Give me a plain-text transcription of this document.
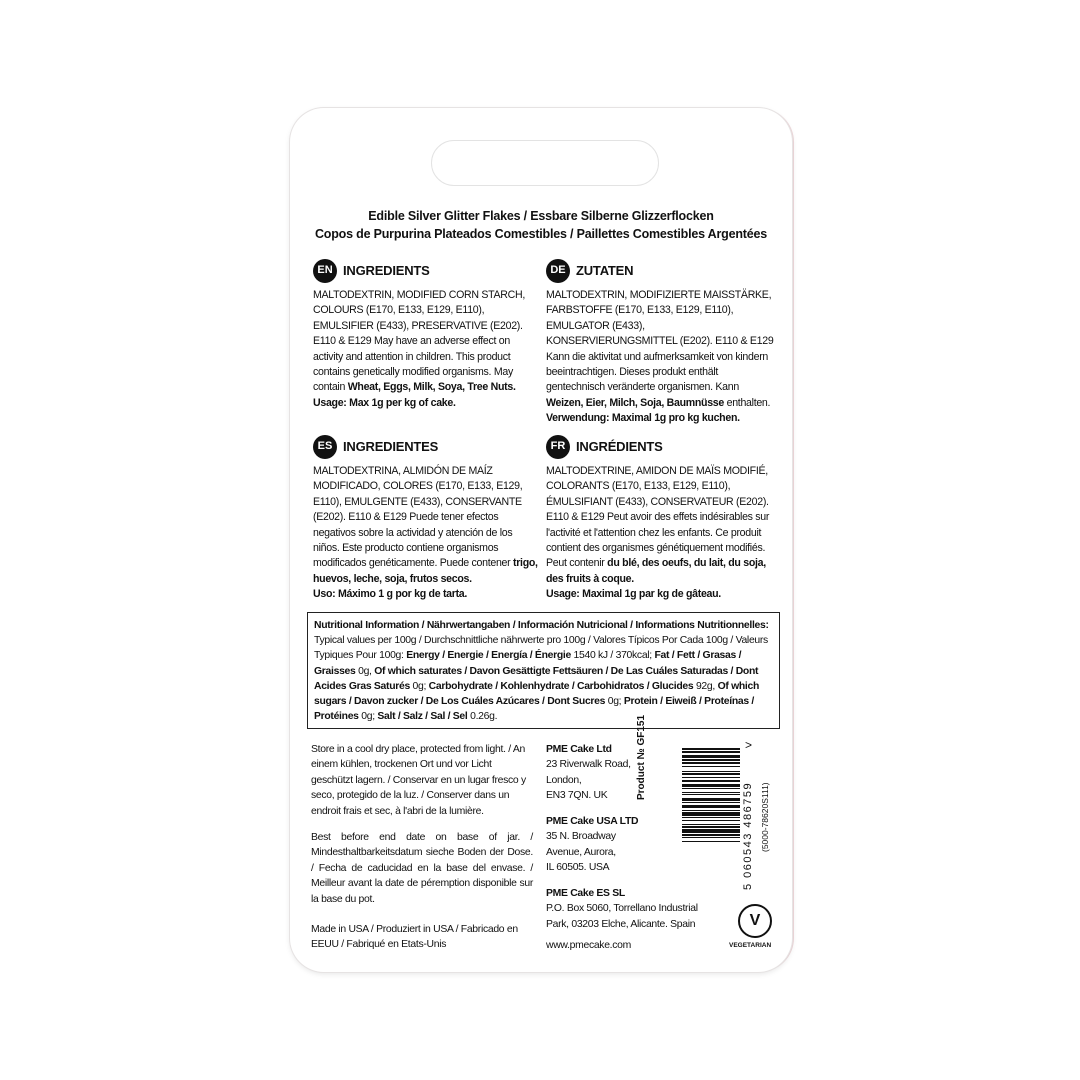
Edible Silver Glitter Flakes / Essbare Silberne Glizzerflocken
Copos de Purpurina Plateados Comestibles / Paillettes Comestibles Argentées
EN INGREDIENTS
MALTODEXTRIN, MODIFIED CORN STARCH, COLOURS (E170, E133, E129, E110), EMULSIFIER (E433), PRESERVATIVE (E202). E110 & E129 May have an adverse effect on activity and attention in children. This product contains genetically modified organisms. May contain Wheat, Eggs, Milk, Soya, Tree Nuts.
Usage: Max 1g per kg of cake.
DE ZUTATEN
MALTODEXTRIN, MODIFIZIERTE MAISSTÄRKE, FARBSTOFFE (E170, E133, E129, E110), EMULGATOR (E433), KONSERVIERUNGSMITTEL (E202). E110 & E129 Kann die aktivitat und aufmerksamkeit von kindern beeintrachtigen. Dieses produkt enthält gentechnisch veränderte organismen. Kann Weizen, Eier, Milch, Soja, Baumnüsse enthalten.
Verwendung: Maximal 1g pro kg kuchen.
ES INGREDIENTES
MALTODEXTRINA, ALMIDÓN DE MAÍZ MODIFICADO, COLORES (E170, E133, E129, E110), EMULGENTE (E433), CONSERVANTE (E202). E110 & E129 Puede tener efectos negativos sobre la actividad y atención de los niños. Este producto contiene organismos modificados genéticamente. Puede contener trigo, huevos, leche, soja, frutos secos.
Uso: Máximo 1 g por kg de tarta.
FR INGRÉDIENTS
MALTODEXTRINE, AMIDON DE MAÏS MODIFIÉ, COLORANTS (E170, E133, E129, E110), ÉMULSIFIANT (E433), CONSERVATEUR (E202). E110 & E129 Peut avoir des effets indésirables sur l'activité et l'attention chez les enfants. Ce produit contient des organismes génétiquement modifiés. Peut contenir du blé, des oeufs, du lait, du soja, des fruits à coque.
Usage: Maximal 1g par kg de gâteau.
Nutritional Information / Nährwertangaben / Información Nutricional / Informations Nutritionnelles: Typical values per 100g / Durchschnittliche nährwerte pro 100g / Valores Típicos Por Cada 100g / Valeurs Typiques Pour 100g: Energy / Energie / Energía / Énergie 1540 kJ / 370kcal; Fat / Fett / Grasas / Graisses 0g, Of which saturates / Davon Gesättigte Fettsäuren / De Las Cuáles Saturadas / Dont Acides Gras Saturés 0g; Carbohydrate / Kohlenhydrate / Carbohidratos / Glucides 92g, Of which sugars / Davon zucker / De Los Cuáles Azúcares / Dont Sucres 0g; Protein / Eiweiß / Proteínas / Protéines 0g; Salt / Salz / Sal / Sel 0.26g.

Store in a cool dry place, protected from light. / An einem kühlen, trockenen Ort und vor Licht geschützt lagern. / Conservar en un lugar fresco y seco, protegido de la luz. / Conserver dans un endroit frais et sec, à l'abri de la lumière.

Best before end date on base of jar. / Mindesthaltbarkeitsdatum sieche Boden der Dose. / Fecha de caducidad en la base del envase. / Meilleur avant la date de péremption disponible sur la base du pot.

Made in USA / Produziert in USA / Fabricado en EEUU / Fabriqué en Etats-Unis

PME Cake Ltd
23 Riverwalk Road,
London,
EN3 7QN. UK
PME Cake USA LTD
35 N. Broadway
Avenue, Aurora,
IL 60505. USA
PME Cake ES SL
P.O. Box 5060, Torrellano Industrial
Park, 03203 Elche, Alicante. Spain
www.pmecake.com
Product № GF151	>
5 060543 486759 (5000-78620S111)
V
VEGETARIAN
